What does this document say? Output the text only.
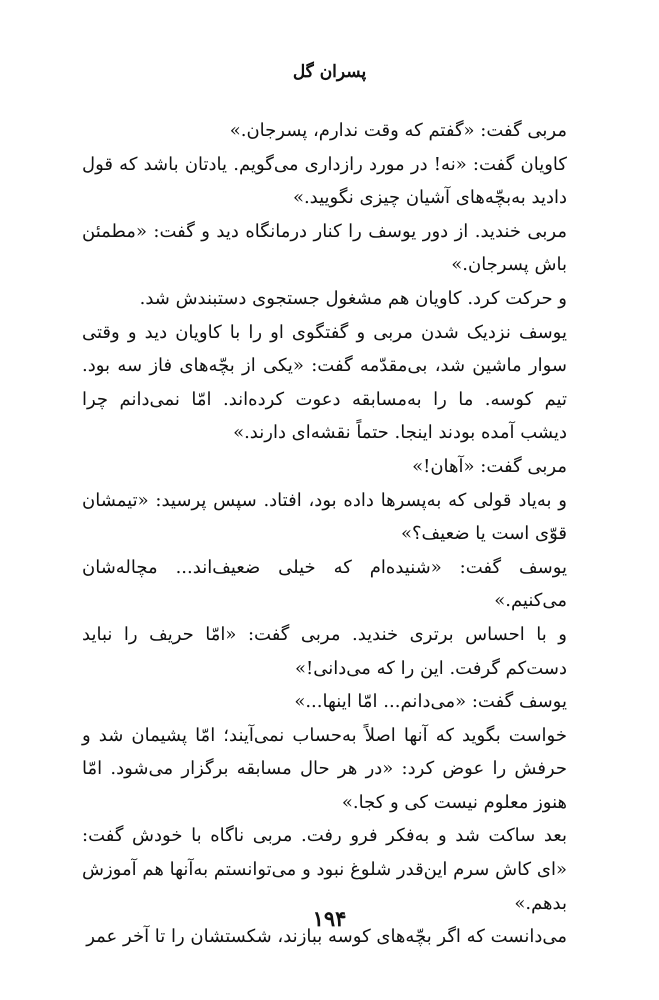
پسران گل

مربی گفت: «گفتم که وقت ندارم، پسرجان.»

کاویان گفت: «نه! در مورد رازداری می‌گویم. یادتان باشد که قول دادید به‌بچّه‌های آشیان چیزی نگویید.»

مربی خندید. از دور یوسف را کنار درمانگاه دید و گفت: «مطمئن باش پسرجان.»

و حرکت کرد. کاویان هم مشغول جستجوی دستبندش شد.

یوسف نزدیک شدن مربی و گفتگوی او را با کاویان دید و وقتی سوار ماشین شد، بی‌مقدّمه گفت: «یکی از بچّه‌های فاز سه بود. تیم کوسه. ما را به‌مسابقه دعوت کرده‌اند. امّا نمی‌دانم چرا دیشب آمده بودند اینجا. حتماً نقشه‌ای دارند.»

مربی گفت: «آهان!»

و به‌یاد قولی که به‌پسرها داده بود، افتاد. سپس پرسید: «تیمشان قوّی است یا ضعیف؟»

یوسف گفت: «شنیده‌ام که خیلی ضعیف‌اند... مچاله‌شان می‌کنیم.»

و با احساس برتری خندید. مربی گفت: «امّا حریف را نباید دست‌کم گرفت. این را که می‌دانی!»

یوسف گفت: «می‌دانم... امّا اینها...»

خواست بگوید که آنها اصلاً به‌حساب نمی‌آیند؛ امّا پشیمان شد و حرفش را عوض کرد: «در هر حال مسابقه برگزار می‌شود. امّا هنوز معلوم نیست کی و کجا.»

بعد ساکت شد و به‌فکر فرو رفت. مربی ناگاه با خودش گفت: «ای کاش سرم این‌قدر شلوغ نبود و می‌توانستم به‌آنها هم آموزش بدهم.»

می‌دانست که اگر بچّه‌های کوسه ببازند، شکستشان را تا آخر عمر

۱۹۴
